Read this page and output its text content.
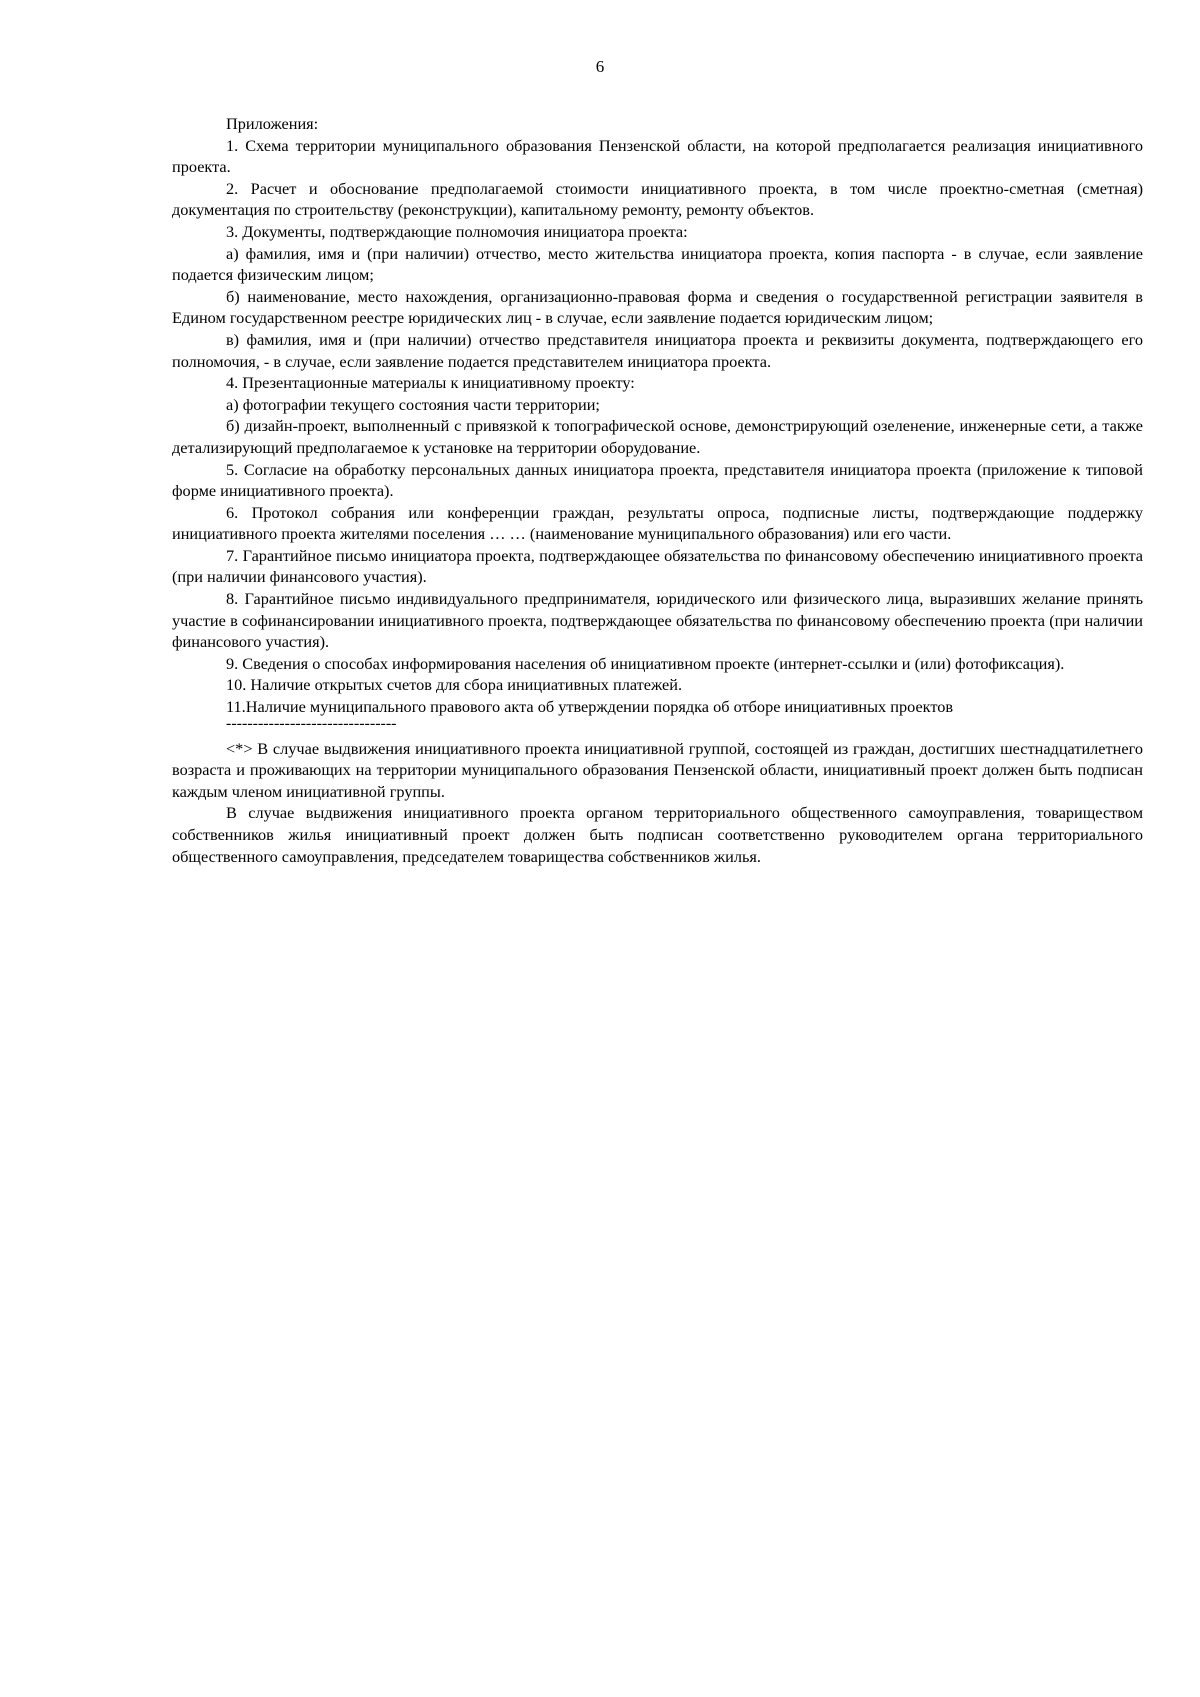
6

Приложения:

1. Схема территории муниципального образования Пензенской области, на которой предполагается реализация инициативного проекта.

2. Расчет и обоснование предполагаемой стоимости инициативного проекта, в том числе проектно-сметная (сметная) документация по строительству (реконструкции), капитальному ремонту, ремонту объектов.

3. Документы, подтверждающие полномочия инициатора проекта:

а) фамилия, имя и (при наличии) отчество, место жительства инициатора проекта, копия паспорта - в случае, если заявление подается физическим лицом;

б) наименование, место нахождения, организационно-правовая форма и сведения о государственной регистрации заявителя в Едином государственном реестре юридических лиц - в случае, если заявление подается юридическим лицом;

в) фамилия, имя и (при наличии) отчество представителя инициатора проекта и реквизиты документа, подтверждающего его полномочия, - в случае, если заявление подается представителем инициатора проекта.

4. Презентационные материалы к инициативному проекту:

а) фотографии текущего состояния части территории;

б) дизайн-проект, выполненный с привязкой к топографической основе, демонстрирующий озеленение, инженерные сети, а также детализирующий предполагаемое к установке на территории оборудование.

5. Согласие на обработку персональных данных инициатора проекта, представителя инициатора проекта (приложение к типовой форме инициативного проекта).

6. Протокол собрания или конференции граждан, результаты опроса, подписные листы, подтверждающие поддержку инициативного проекта жителями поселения … … (наименование муниципального образования) или его части.

7. Гарантийное письмо инициатора проекта, подтверждающее обязательства по финансовому обеспечению инициативного проекта (при наличии финансового участия).

8. Гарантийное письмо индивидуального предпринимателя, юридического или физического лица, выразивших желание принять участие в софинансировании инициативного проекта, подтверждающее обязательства по финансовому обеспечению проекта (при наличии финансового участия).

9. Сведения о способах информирования населения об инициативном проекте (интернет-ссылки и (или) фотофиксация).

10. Наличие открытых счетов для сбора инициативных платежей.

11.Наличие муниципального правового акта об утверждении порядка об отборе инициативных проектов

--------------------------------

<*> В случае выдвижения инициативного проекта инициативной группой, состоящей из граждан, достигших шестнадцатилетнего возраста и проживающих на территории муниципального образования Пензенской области, инициативный проект должен быть подписан каждым членом инициативной группы.

В случае выдвижения инициативного проекта органом территориального общественного самоуправления, товариществом собственников жилья инициативный проект должен быть подписан соответственно руководителем органа территориального общественного самоуправления, председателем товарищества собственников жилья.
